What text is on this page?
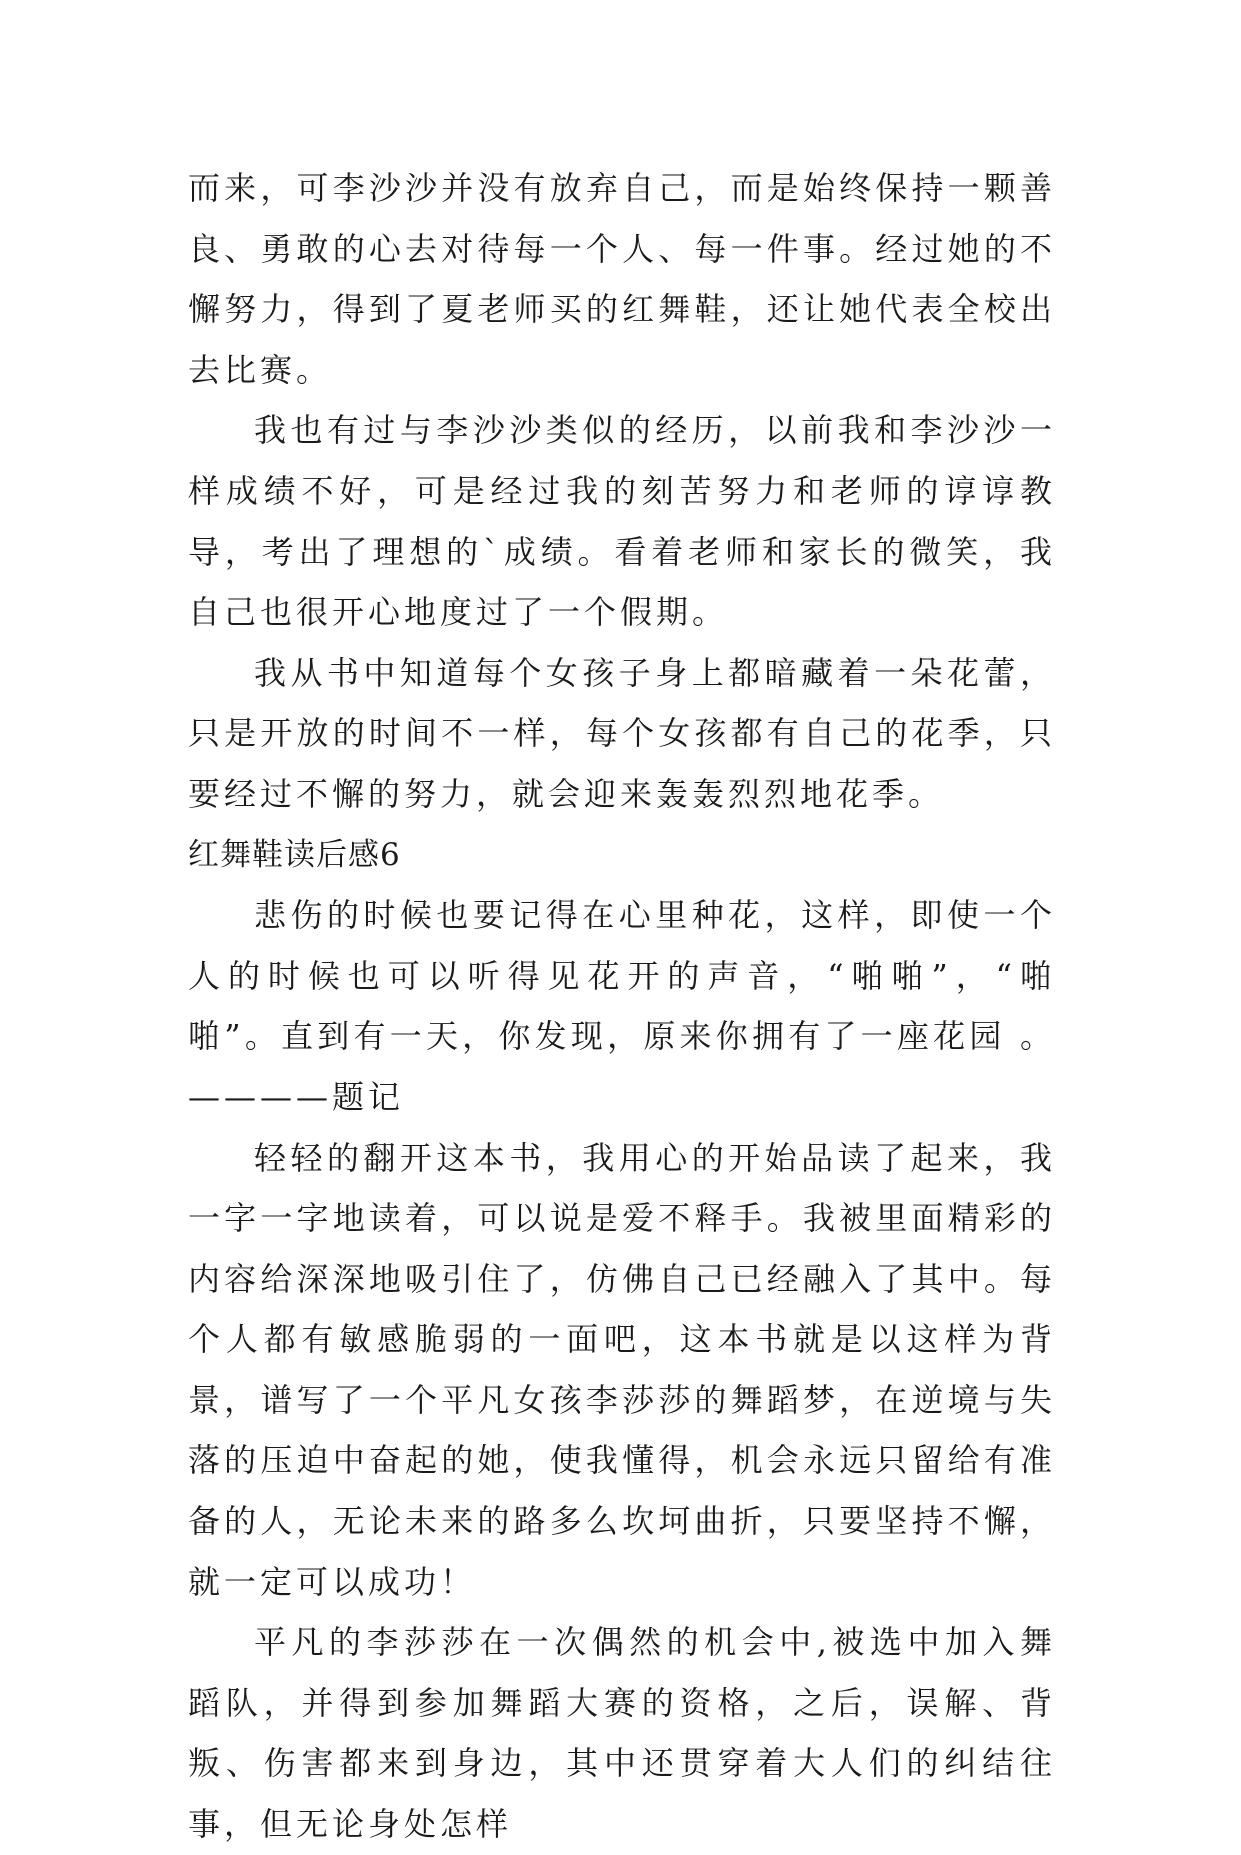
而来，可李沙沙并没有放弃自己，而是始终保持一颗善良、勇敢的心去对待每一个人、每一件事。经过她的不懈努力，得到了夏老师买的红舞鞋，还让她代表全校出去比赛。

我也有过与李沙沙类似的经历，以前我和李沙沙一样成绩不好，可是经过我的刻苦努力和老师的谆谆教导，考出了理想的`成绩。看着老师和家长的微笑，我自己也很开心地度过了一个假期。

我从书中知道每个女孩子身上都暗藏着一朵花蕾，只是开放的时间不一样，每个女孩都有自己的花季，只要经过不懈的努力，就会迎来轰轰烈烈地花季。

红舞鞋读后感6

悲伤的时候也要记得在心里种花，这样，即使一个人的时候也可以听得见花开的声音，“啪啪”，“啪啪”。直到有一天，你发现，原来你拥有了一座花园 。————题记

轻轻的翻开这本书，我用心的开始品读了起来，我一字一字地读着，可以说是爱不释手。我被里面精彩的内容给深深地吸引住了，仿佛自己已经融入了其中。每个人都有敏感脆弱的一面吧，这本书就是以这样为背景，谱写了一个平凡女孩李莎莎的舞蹈梦，在逆境与失落的压迫中奋起的她，使我懂得，机会永远只留给有准备的人，无论未来的路多么坎坷曲折，只要坚持不懈，就一定可以成功！

平凡的李莎莎在一次偶然的机会中,被选中加入舞蹈队，并得到参加舞蹈大赛的资格，之后，误解、背叛、伤害都来到身边，其中还贯穿着大人们的纠结往事，但无论身处怎样
